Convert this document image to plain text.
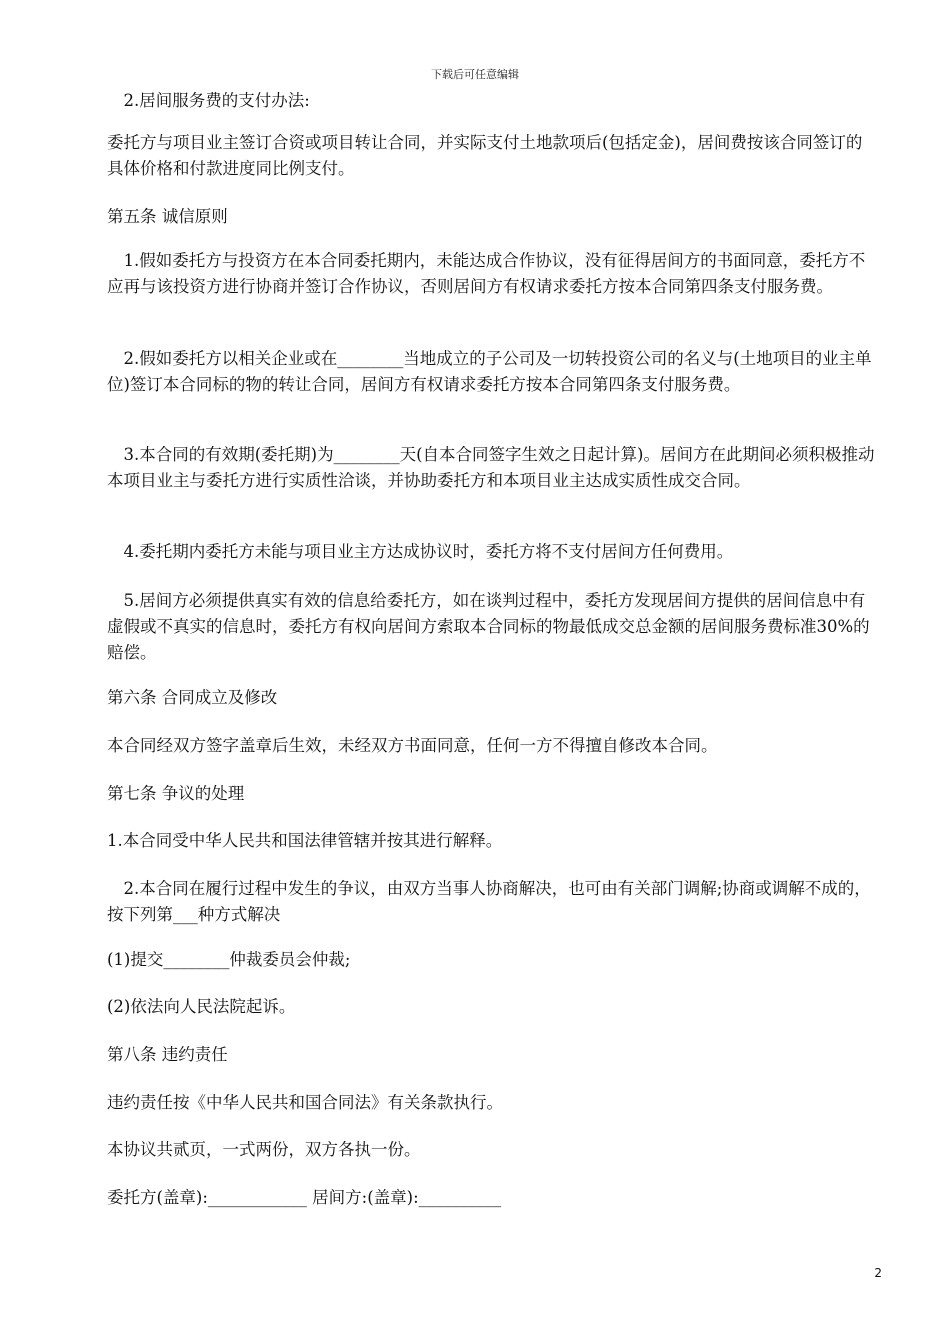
下载后可任意编辑

2.居间服务费的支付办法:

委托方与项目业主签订合资或项目转让合同，并实际支付土地款项后(包括定金)，居间费按该合同签订的具体价格和付款进度同比例支付。

第五条 诚信原则

1.假如委托方与投资方在本合同委托期内，未能达成合作协议，没有征得居间方的书面同意，委托方不应再与该投资方进行协商并签订合作协议，否则居间方有权请求委托方按本合同第四条支付服务费。

2.假如委托方以相关企业或在________当地成立的子公司及一切转投资公司的名义与(土地项目的业主单位)签订本合同标的物的转让合同，居间方有权请求委托方按本合同第四条支付服务费。

3.本合同的有效期(委托期)为________天(自本合同签字生效之日起计算)。居间方在此期间必须积极推动本项目业主与委托方进行实质性洽谈，并协助委托方和本项目业主达成实质性成交合同。

4.委托期内委托方未能与项目业主方达成协议时，委托方将不支付居间方任何费用。

5.居间方必须提供真实有效的信息给委托方，如在谈判过程中，委托方发现居间方提供的居间信息中有虚假或不真实的信息时，委托方有权向居间方索取本合同标的物最低成交总金额的居间服务费标准30%的赔偿。

第六条 合同成立及修改

本合同经双方签字盖章后生效，未经双方书面同意，任何一方不得擅自修改本合同。

第七条 争议的处理

1.本合同受中华人民共和国法律管辖并按其进行解释。

2.本合同在履行过程中发生的争议，由双方当事人协商解决，也可由有关部门调解;协商或调解不成的，按下列第___种方式解决

(1)提交________仲裁委员会仲裁;

(2)依法向人民法院起诉。

第八条 违约责任

违约责任按《中华人民共和国合同法》有关条款执行。

本协议共贰页，一式两份，双方各执一份。

委托方(盖章):____________ 居间方:(盖章):__________

2
